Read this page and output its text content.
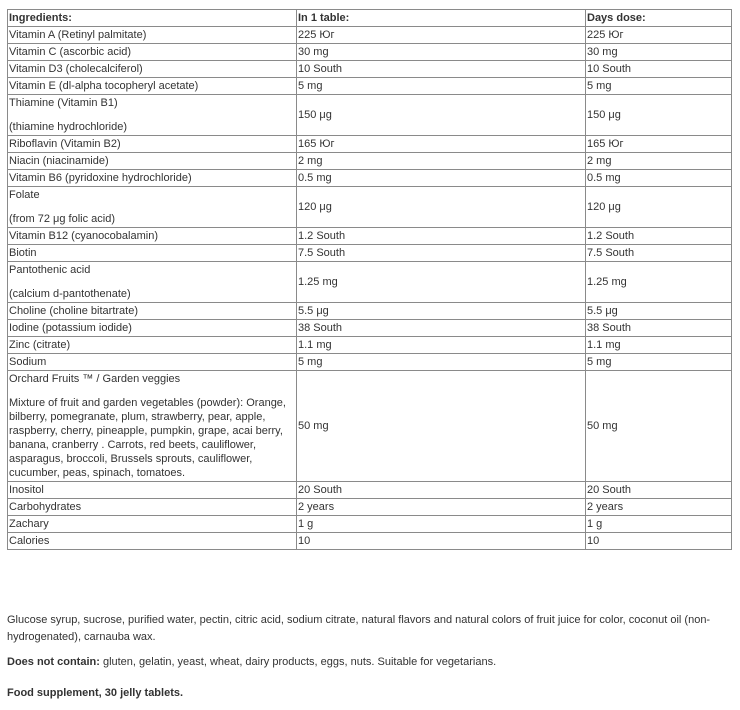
Ingredients:	In 1 table:	Days dose:
Vitamin A (Retinyl palmitate)	225 Юг	225 Юг
Vitamin C (ascorbic acid)	30 mg	30 mg
Vitamin D3 (cholecalciferol)	10 South	10 South
Vitamin E (dl-alpha tocopheryl acetate)	5 mg	5 mg
Thiamine (Vitamin B1)
(thiamine hydrochloride)	150 μg	150 μg
Riboflavin (Vitamin B2)	165 Юг	165 Юг
Niacin (niacinamide)	2 mg	2 mg
Vitamin B6 (pyridoxine hydrochloride)	0.5 mg	0.5 mg
Folate
(from 72 μg folic acid)	120 μg	120 μg
Vitamin B12 (cyanocobalamin)	1.2 South	1.2 South
Biotin	7.5 South	7.5 South
Pantothenic acid
(calcium d-pantothenate)	1.25 mg	1.25 mg
Choline (choline bitartrate)	5.5 μg	5.5 μg
Iodine (potassium iodide)	38 South	38 South
Zinc (citrate)	1.1 mg	1.1 mg
Sodium	5 mg	5 mg
Orchard Fruits ™ / Garden veggies
Mixture of fruit and garden vegetables (powder): Orange, bilberry, pomegranate, plum, strawberry, pear, apple, raspberry, cherry, pineapple, pumpkin, grape, acai berry, banana, cranberry . Carrots, red beets, cauliflower, asparagus, broccoli, Brussels sprouts, cauliflower, cucumber, peas, spinach, tomatoes.	50 mg	50 mg
Inositol	20 South	20 South
Carbohydrates	2 years	2 years
Zachary	1 g	1 g
Calories	10	10

Glucose syrup, sucrose, purified water, pectin, citric acid, sodium citrate, natural flavors and natural colors of fruit juice for color, coconut oil (non-hydrogenated), carnauba wax.

Does not contain: gluten, gelatin, yeast, wheat, dairy products, eggs, nuts. Suitable for vegetarians.

Food supplement, 30 jelly tablets.
